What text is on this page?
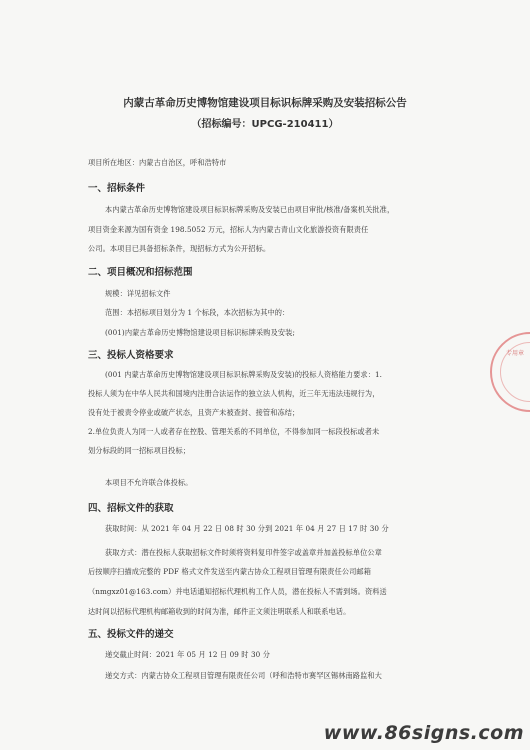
内蒙古革命历史博物馆建设项目标识标牌采购及安装招标公告
（招标编号：UPCG-210411）
项目所在地区：内蒙古自治区，呼和浩特市
一、招标条件
本内蒙古革命历史博物馆建设项目标识标牌采购及安装已由项目审批/核准/备案机关批准，
项目资金来源为国有资金 198.5052 万元，招标人为内蒙古青山文化旅游投资有限责任
公司。本项目已具备招标条件，现招标方式为公开招标。
二、项目概况和招标范围
规模：详见招标文件
范围：本招标项目划分为 1 个标段，本次招标为其中的：
(001)内蒙古革命历史博物馆建设项目标识标牌采购及安装;
三、投标人资格要求
(001 内蒙古革命历史博物馆建设项目标识标牌采购及安装)的投标人资格能力要求：1.
投标人须为在中华人民共和国境内注册合法运作的独立法人机构，近三年无违法违规行为，
没有处于被责令停业或破产状态，且资产未被查封、接管和冻结；
2.单位负责人为同一人或者存在控股、管理关系的不同单位，不得参加同一标段投标或者未
划分标段的同一招标项目投标；
本项目不允许联合体投标。
四、招标文件的获取
获取时间：从 2021 年 04 月 22 日 08 时 30 分到 2021 年 04 月 27 日 17 时 30 分
获取方式：潜在投标人获取招标文件时须将资料复印件签字或盖章并加盖投标单位公章
后按顺序扫描成完整的 PDF 格式文件发送至内蒙古协众工程项目管理有限责任公司邮箱
（nmgxz01@163.com）并电话通知招标代理机构工作人员，潜在投标人不需到场。资料送
达时间以招标代理机构邮箱收到的时间为准，邮件正文须注明联系人和联系电话。
五、投标文件的递交
递交截止时间：2021 年 05 月 12 日 09 时 30 分
递交方式：内蒙古协众工程项目管理有限责任公司（呼和浩特市赛罕区锡林南路监和大
专用章
www.86signs.com
